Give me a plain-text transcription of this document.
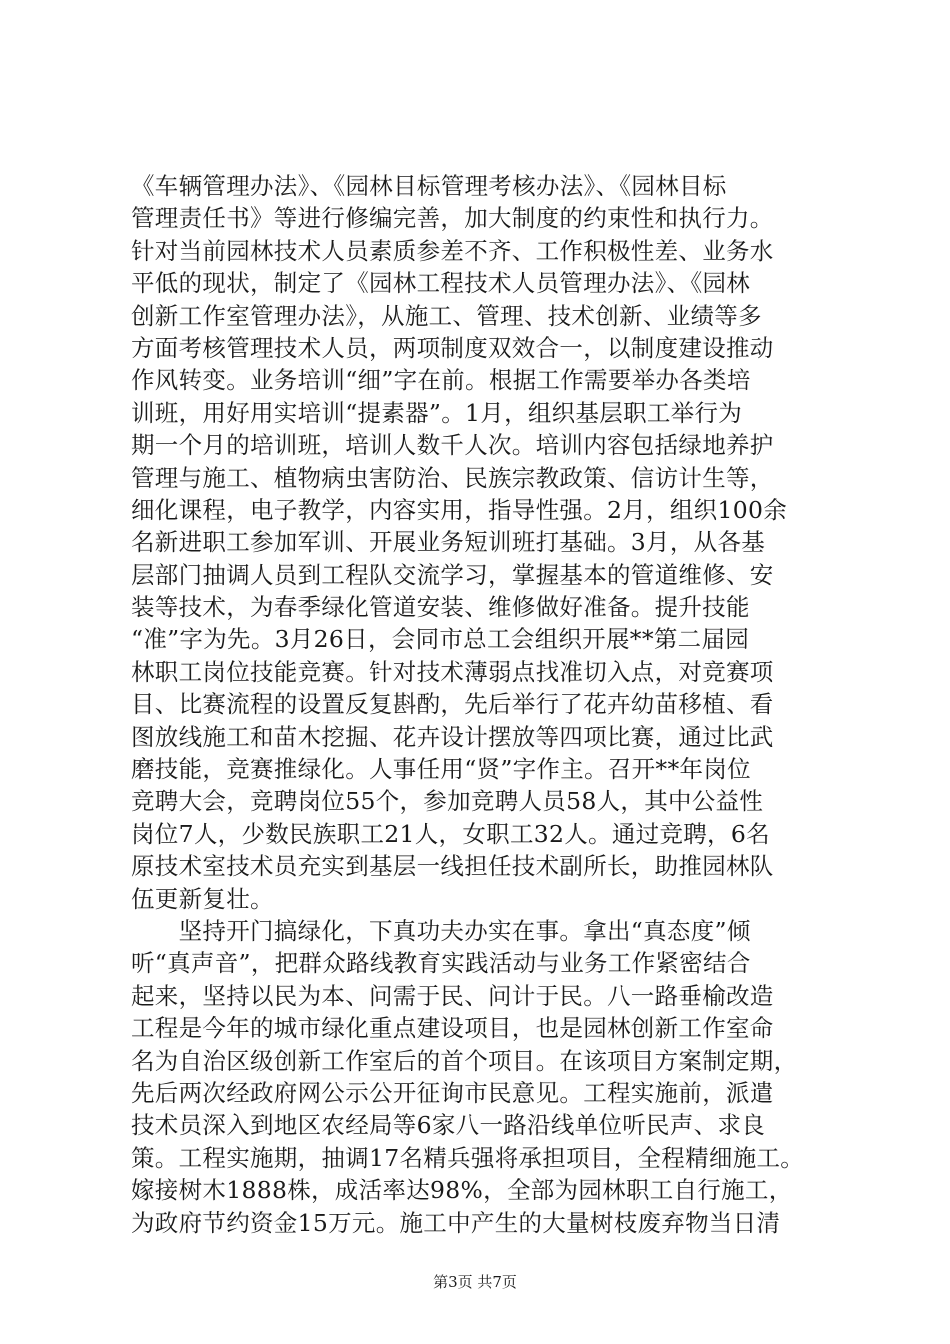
《车辆管理办法》、《园林目标管理考核办法》、《园林目标
管理责任书》等进行修编完善，加大制度的约束性和执行力。
针对当前园林技术人员素质参差不齐、工作积极性差、业务水
平低的现状，制定了《园林工程技术人员管理办法》、《园林
创新工作室管理办法》，从施工、管理、技术创新、业绩等多
方面考核管理技术人员，两项制度双效合一，以制度建设推动
作风转变。业务培训“细”字在前。根据工作需要举办各类培
训班，用好用实培训“提素器”。1月，组织基层职工举行为
期一个月的培训班，培训人数千人次。培训内容包括绿地养护
管理与施工、植物病虫害防治、民族宗教政策、信访计生等，
细化课程，电子教学，内容实用，指导性强。2月，组织100余
名新进职工参加军训、开展业务短训班打基础。3月，从各基
层部门抽调人员到工程队交流学习，掌握基本的管道维修、安
装等技术，为春季绿化管道安装、维修做好准备。提升技能
“准”字为先。3月26日，会同市总工会组织开展**第二届园
林职工岗位技能竞赛。针对技术薄弱点找准切入点，对竞赛项
目、比赛流程的设置反复斟酌，先后举行了花卉幼苗移植、看
图放线施工和苗木挖掘、花卉设计摆放等四项比赛，通过比武
磨技能，竞赛推绿化。人事任用“贤”字作主。召开**年岗位
竞聘大会，竞聘岗位55个，参加竞聘人员58人，其中公益性
岗位7人，少数民族职工21人，女职工32人。通过竞聘，6名
原技术室技术员充实到基层一线担任技术副所长，助推园林队
伍更新复壮。
　　坚持开门搞绿化，下真功夫办实在事。拿出“真态度”倾
听“真声音”，把群众路线教育实践活动与业务工作紧密结合
起来，坚持以民为本、问需于民、问计于民。八一路垂榆改造
工程是今年的城市绿化重点建设项目，也是园林创新工作室命
名为自治区级创新工作室后的首个项目。在该项目方案制定期，
先后两次经政府网公示公开征询市民意见。工程实施前，派遣
技术员深入到地区农经局等6家八一路沿线单位听民声、求良
策。工程实施期，抽调17名精兵强将承担项目，全程精细施工。
嫁接树木1888株，成活率达98%，全部为园林职工自行施工，
为政府节约资金15万元。施工中产生的大量树枝废弃物当日清
第3页 共7页
